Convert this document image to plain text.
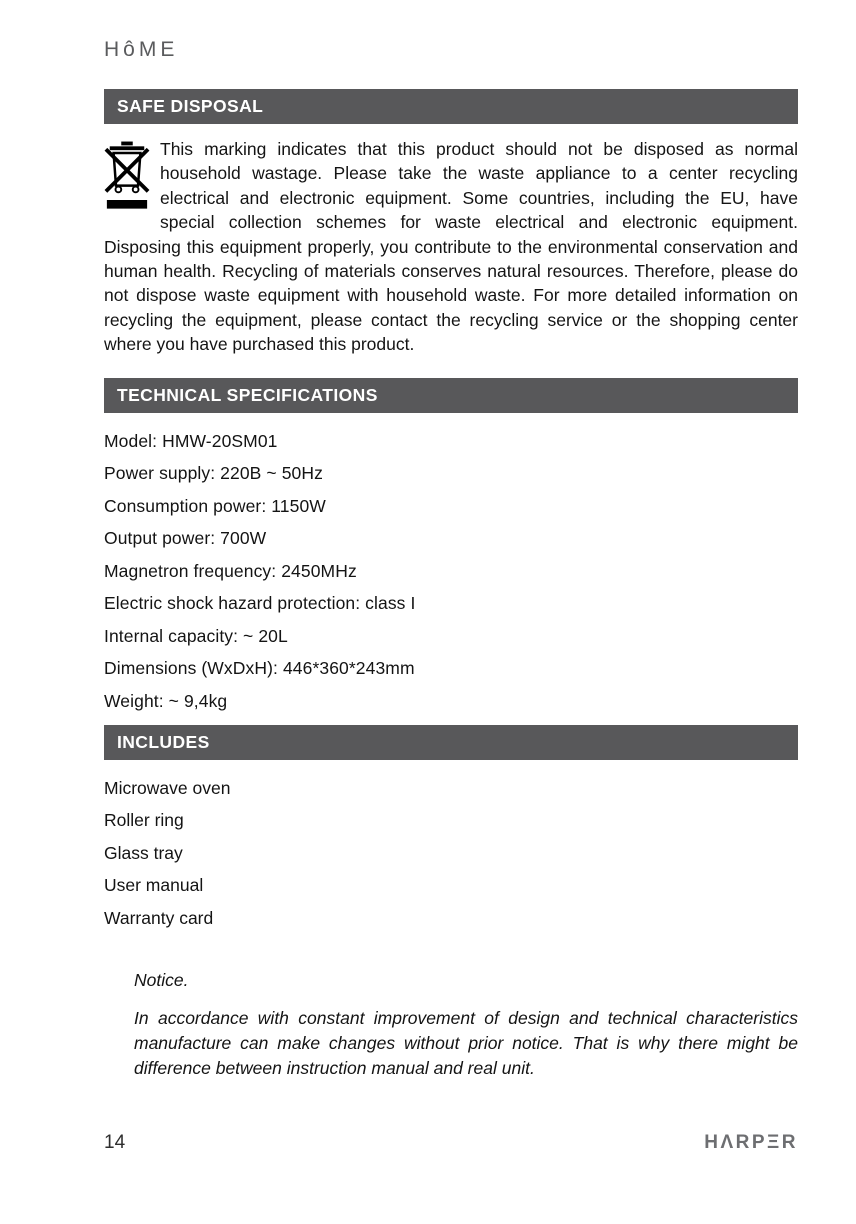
HôME
SAFE DISPOSAL
This marking indicates that this product should not be disposed as normal household wastage. Please take the waste appliance to a center recycling electrical and electronic equipment. Some countries, including the EU, have special collection schemes for waste electrical and electronic equipment. Disposing this equipment properly, you contribute to the environmental conservation and human health. Recycling of materials conserves natural resources. Therefore, please do not dispose waste equipment with household waste. For more detailed information on recycling the equipment, please contact the recycling service or the shopping center where you have purchased this product.
TECHNICAL SPECIFICATIONS
Model: HMW-20SM01
Power supply: 220B ~ 50Hz
Consumption power: 1150W
Output power: 700W
Magnetron frequency: 2450MHz
Electric shock hazard protection: class I
Internal capacity: ~ 20L
Dimensions (WxDxH): 446*360*243mm
Weight: ~ 9,4kg
INCLUDES
Microwave oven
Roller ring
Glass tray
User manual
Warranty card
Notice.
In accordance with constant improvement of design and technical characteristics manufacture can make changes without prior notice. That is why there might be difference between instruction manual and real unit.
14	HΛRPΞR
